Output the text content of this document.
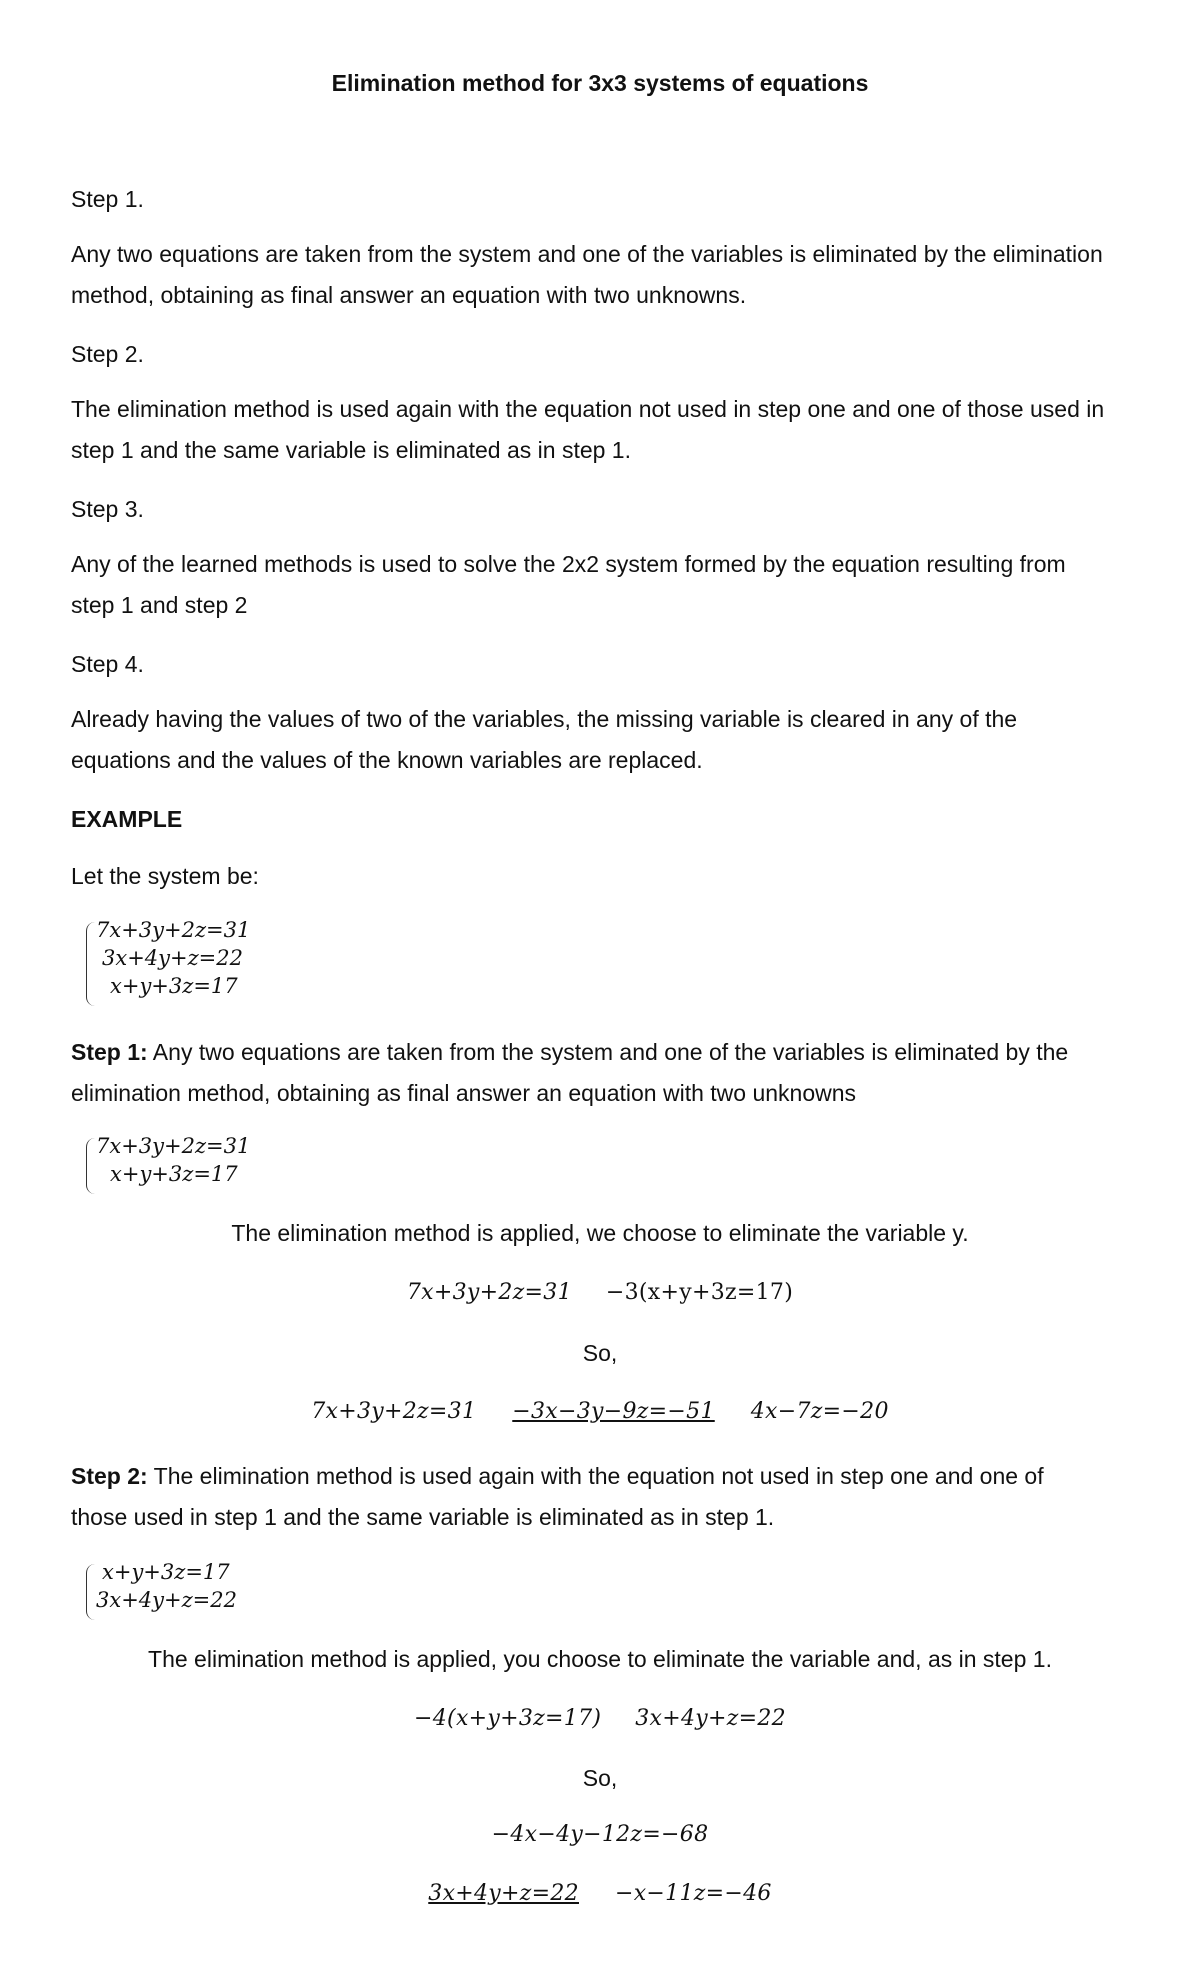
Elimination method for 3x3 systems of equations
Step 1.
Any two equations are taken from the system and one of the variables is eliminated by the elimination
method, obtaining as final answer an equation with two unknowns.
Step 2.
The elimination method is used again with the equation not used in step one and one of those used in
step 1 and the same variable is eliminated as in step 1.
Step 3.
Any of the learned methods is used to solve the 2x2 system formed by the equation resulting from
step 1 and step 2
Step 4.
Already having the values of two of the variables, the missing variable is cleared in any of the
equations and the values of the known variables are replaced.
EXAMPLE
Let the system be:
7x+3y+2z=31
3x+4y+z=22
x+y+3z=17
Step 1: Any two equations are taken from the system and one of the variables is eliminated by the
elimination method, obtaining as final answer an equation with two unknowns
7x+3y+2z=31
x+y+3z=17
The elimination method is applied, we choose to eliminate the variable y.
7x+3y+2z=31 −3(x+y+3z=17)
So,
7x+3y+2z=31 −3x−3y−9z=−51 4x−7z=−20
Step 2: The elimination method is used again with the equation not used in step one and one of
those used in step 1 and the same variable is eliminated as in step 1.
x+y+3z=17
3x+4y+z=22
The elimination method is applied, you choose to eliminate the variable and, as in step 1.
−4(x+y+3z=17) 3x+4y+z=22
So,
−4x−4y−12z=−68
3x+4y+z=22 −x−11z=−46
